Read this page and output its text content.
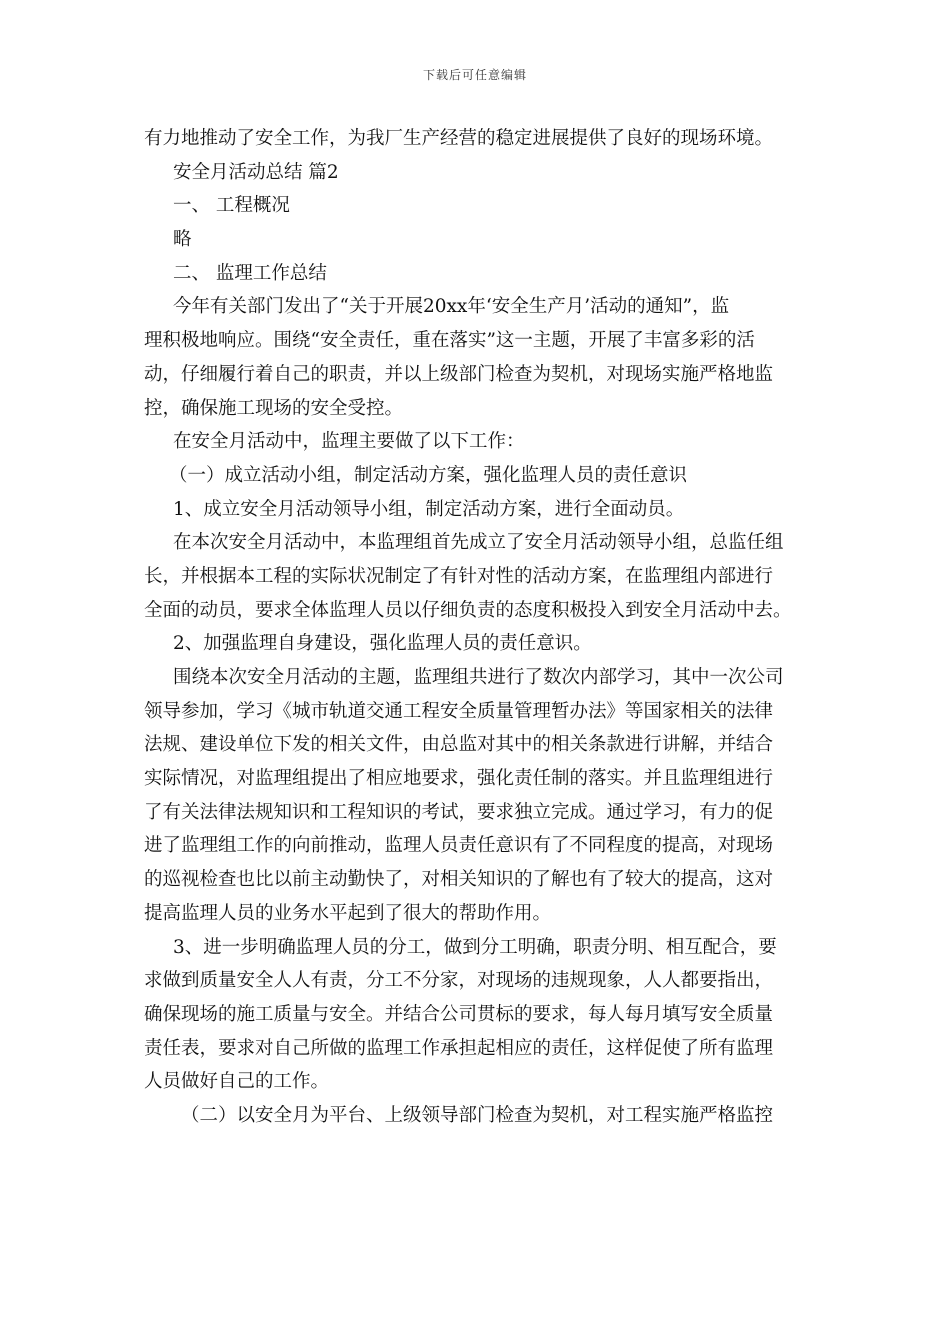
下载后可任意编辑
有力地推动了安全工作，为我厂生产经营的稳定进展提供了良好的现场环境。
安全月活动总结 篇2
一、 工程概况
略
二、 监理工作总结
今年有关部门发出了“关于开展20xx年‘安全生产月’活动的通知”，监
理积极地响应。围绕“安全责任，重在落实”这一主题，开展了丰富多彩的活
动，仔细履行着自己的职责，并以上级部门检查为契机，对现场实施严格地监
控，确保施工现场的安全受控。
在安全月活动中，监理主要做了以下工作：
（一）成立活动小组，制定活动方案，强化监理人员的责任意识
1、成立安全月活动领导小组，制定活动方案，进行全面动员。
在本次安全月活动中，本监理组首先成立了安全月活动领导小组，总监任组
长，并根据本工程的实际状况制定了有针对性的活动方案，在监理组内部进行
全面的动员，要求全体监理人员以仔细负责的态度积极投入到安全月活动中去。
2、加强监理自身建设，强化监理人员的责任意识。
围绕本次安全月活动的主题，监理组共进行了数次内部学习，其中一次公司
领导参加，学习《城市轨道交通工程安全质量管理暂办法》等国家相关的法律
法规、建设单位下发的相关文件，由总监对其中的相关条款进行讲解，并结合
实际情况，对监理组提出了相应地要求，强化责任制的落实。并且监理组进行
了有关法律法规知识和工程知识的考试，要求独立完成。通过学习，有力的促
进了监理组工作的向前推动，监理人员责任意识有了不同程度的提高，对现场
的巡视检查也比以前主动勤快了，对相关知识的了解也有了较大的提高，这对
提高监理人员的业务水平起到了很大的帮助作用。
3、进一步明确监理人员的分工，做到分工明确，职责分明、相互配合，要
求做到质量安全人人有责，分工不分家，对现场的违规现象，人人都要指出，
确保现场的施工质量与安全。并结合公司贯标的要求，每人每月填写安全质量
责任表，要求对自己所做的监理工作承担起相应的责任，这样促使了所有监理
人员做好自己的工作。
（二）以安全月为平台、上级领导部门检查为契机，对工程实施严格监控
